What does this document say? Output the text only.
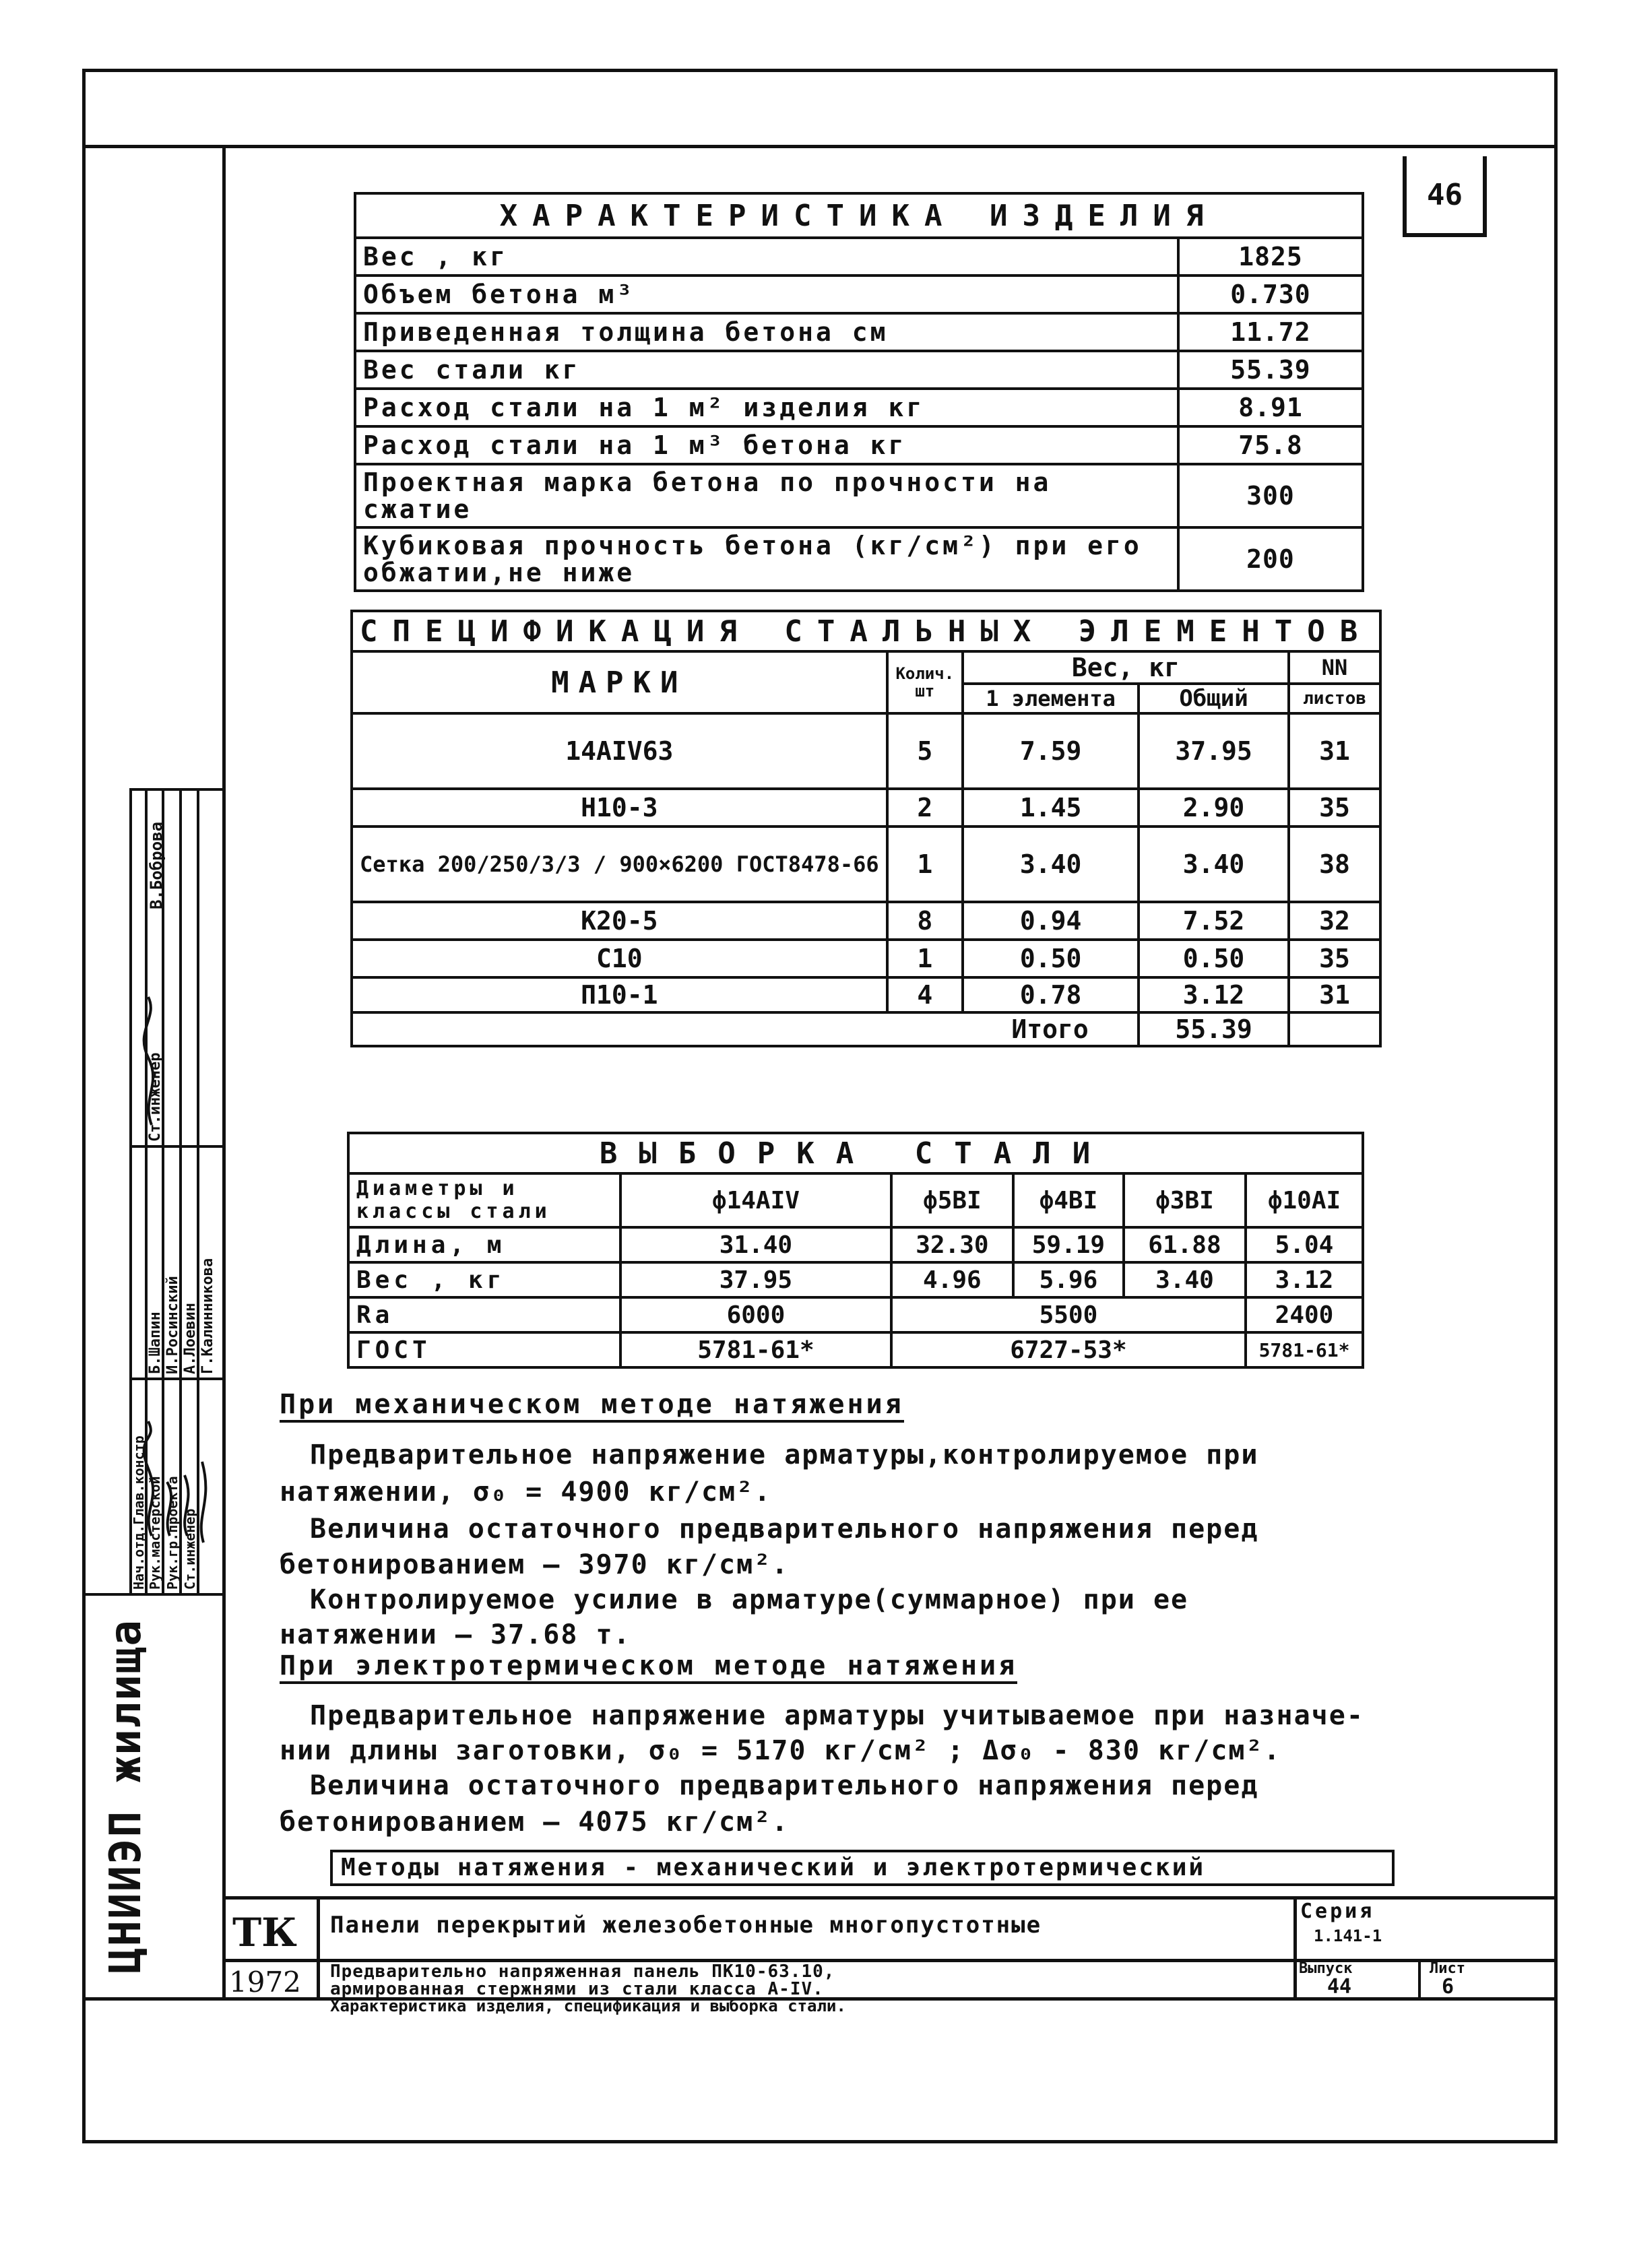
46
ХАРАКТЕРИСТИКА ИЗДЕЛИЯ	
Вес , кг	1825
Объем бетона м³	0.730
Приведенная толщина бетона см	11.72
Вес стали кг	55.39
Расход стали на 1 м² изделия кг	8.91
Расход стали на 1 м³ бетона кг	75.8
Проектная марка бетона по прочности на сжатие	300
Кубиковая прочность бетона (кг/см²) при его обжатии,не ниже	200
СПЕЦИФИКАЦИЯ СТАЛЬНЫХ ЭЛЕМЕНТОВ				
МАРКИ	Колич. шт	Вес, кг		NN
		1 элемента	Общий	листов
14АIV63	5	7.59	37.95	31
Н10-3	2	1.45	2.90	35
Сетка 200/250/3/3 / 900×6200 ГОСТ8478-66	1	3.40	3.40	38
К20-5	8	0.94	7.52	32
С10	1	0.50	0.50	35
П10-1	4	0.78	3.12	31
		Итого	55.39	
ВЫБОРКА СТАЛИ					
Диаметры и классы стали	ф14АIV	ф5ВI	ф4ВI	ф3ВI	ф10АI
Длина, м	31.40	32.30	59.19	61.88	5.04
Вес , кг	37.95	4.96	5.96	3.40	3.12
Rа	6000	5500			2400
ГОСТ	5781-61*	6727-53*			5781-61*
При механическом методе натяжения
Предварительное напряжение арматуры,контролируемое при
натяжении, σ₀ = 4900 кг/см².
Величина остаточного предварительного напряжения перед
бетонированием — 3970 кг/см².
Контролируемое усилие в арматуре(суммарное) при ее
натяжении — 37.68 т.
При электротермическом методе натяжения
Предварительное напряжение арматуры учитываемое при назначе-
нии длины заготовки, σ₀ = 5170 кг/см² ; Δσ₀ - 830 кг/см².
Величина остаточного предварительного напряжения перед
бетонированием — 4075 кг/см².
Методы натяжения - механический и электротермический
ТК
1972
Панели перекрытий железобетонные многопустотные
Предварительно напряженная панель ПК10-63.10,
армированная стержнями из стали класса А-IV.
Серия
1.141-1
Выпуск
44
Лист
6
ЦНИИЭП жилища
Нач.отд.Глав.констр Рук.мастерской Рук.гр.проекта Ст.инженер
Б.Шапин И.Росинский А.Лоевин Г.Калинникова
Ст.инженер
В.Боброва
Характеристика изделия, спецификация и выборка стали.
